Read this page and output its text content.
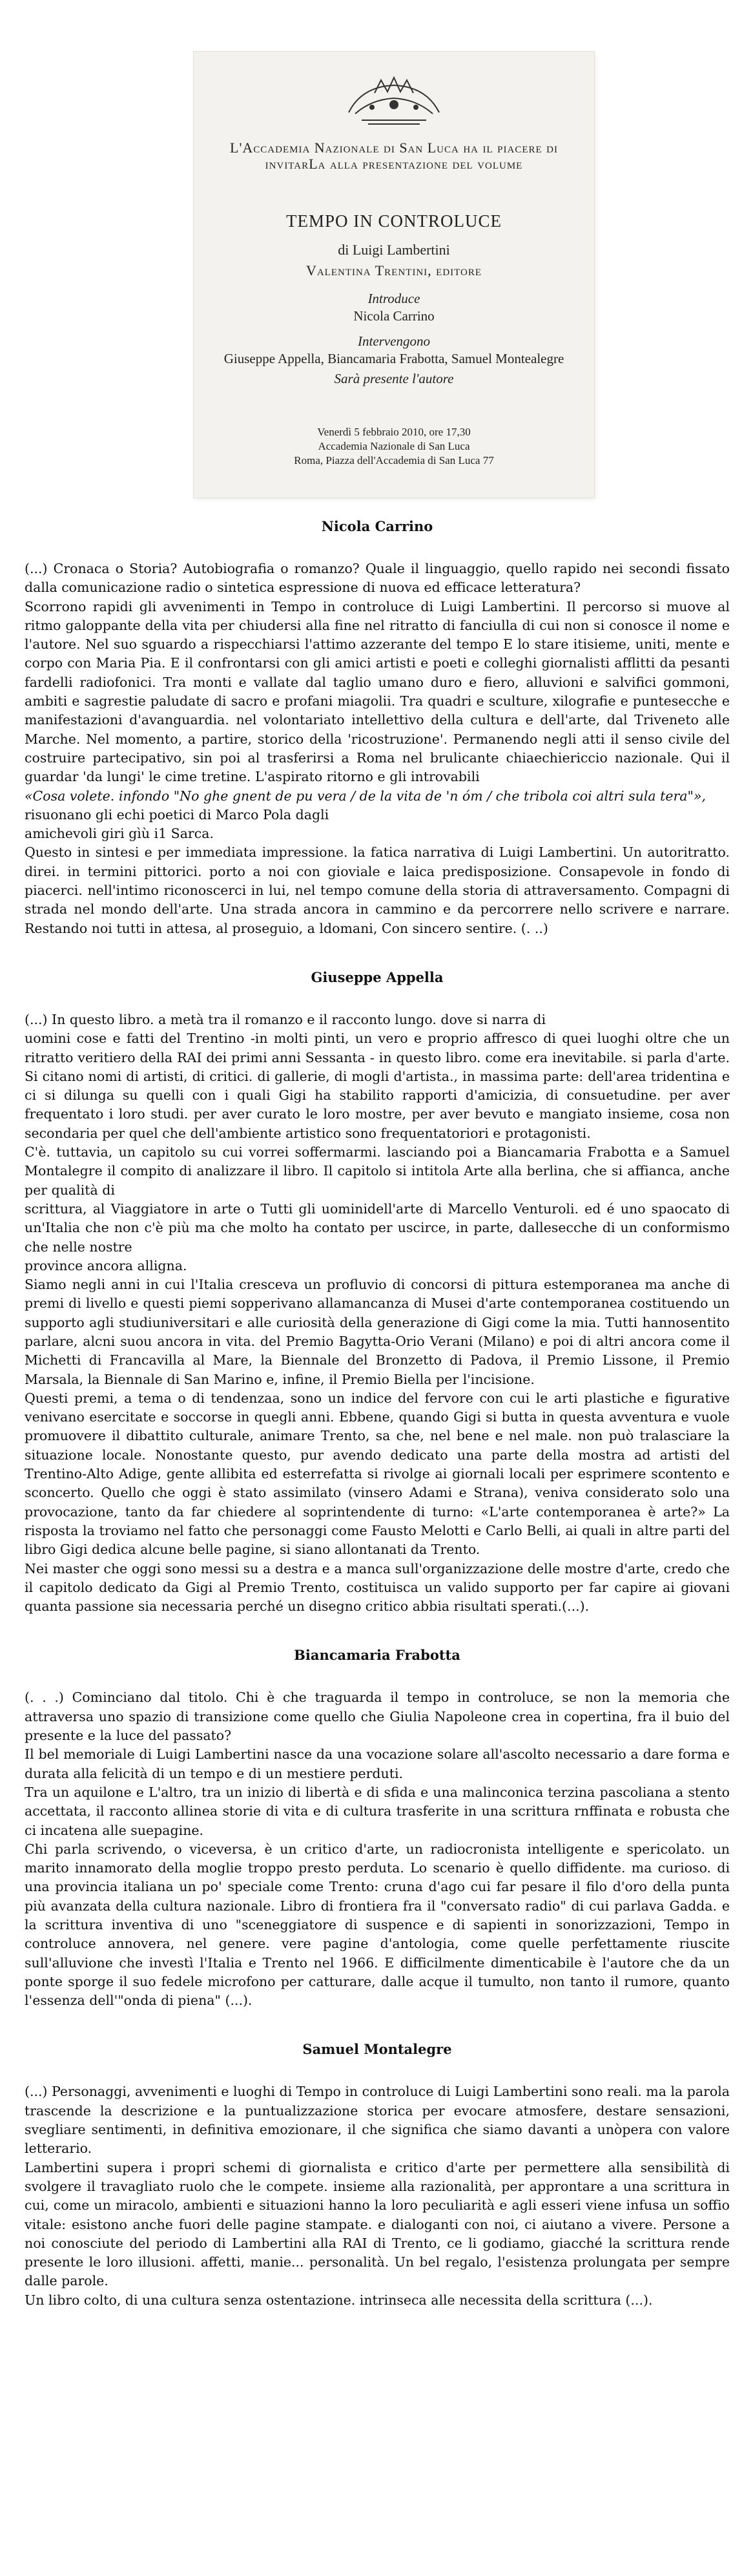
L'Accademia Nazionale di San Luca ha il piacere di invitarLa alla presentazione del volume
TEMPO IN CONTROLUCE
di Luigi Lambertini
Valentina Trentini, editore
Introduce
Nicola Carrino
Intervengono
Giuseppe Appella, Biancamaria Frabotta, Samuel Montealegre
Sarà presente l'autore
Venerdì 5 febbraio 2010, ore 17,30
Accademia Nazionale di San Luca
Roma, Piazza dell'Accademia di San Luca 77
Nicola Carrino

(...) Cronaca o Storia? Autobiografia o romanzo? Quale il linguaggio, quello rapido nei secondi fissato dalla comunicazione radio o sintetica espressione di nuova ed efficace letteratura?

Scorrono rapidi gli avvenimenti in Tempo in controluce di Luigi Lambertini. Il percorso si muove al ritmo galoppante della vita per chiudersi alla fine nel ritratto di fanciulla di cui non si conosce il nome e l'autore. Nel suo sguardo a rispecchiarsi l'attimo azzerante del tempo E lo stare itisieme, uniti, mente e corpo con Maria Pia. E il confrontarsi con gli amici artisti e poeti e colleghi giornalisti afflitti da pesanti fardelli radiofonici. Tra monti e vallate dal taglio umano duro e fiero, alluvioni e salvifici gommoni, ambiti e sagrestie paludate di sacro e profani miagolii. Tra quadri e sculture, xilografie e puntesecche e manifestazioni d'avanguardia. nel volontariato intellettivo della cultura e dell'arte, dal Triveneto alle Marche. Nel momento, a partire, storico della 'ricostruzione'. Permanendo negli atti il senso civile del costruire partecipativo, sin poi al trasferirsi a Roma nel brulicante chiaechiericcio nazionale. Qui il guardar 'da lungi' le cime tretine. L'aspirato ritorno e gli introvabili

«Cosa volete. infondo "No ghe gnent de pu vera / de la vita de 'n óm / che tribola coi altri sula tera"»,

risuonano gli echi poetici di Marco Pola dagli

amichevoli giri gìù i1 Sarca.

Questo in sintesi e per immediata impressione. la fatica narrativa di Luigi Lambertini. Un autoritratto. direi. in termini pittorici. porto a noi con gioviale e laica predisposizione. Consapevole in fondo di piacerci. nell'intimo riconoscerci in lui, nel tempo comune della storia di attraversamento. Compagni di strada nel mondo dell'arte. Una strada ancora in cammino e da percorrere nello scrivere e narrare. Restando noi tutti in attesa, al proseguio, a ldomani, Con sincero sentire. (. ..)

Giuseppe Appella

(...) In questo libro. a metà tra il romanzo e il racconto lungo. dove si narra di

uomini cose e fatti del Trentino -in molti pinti, un vero e proprio affresco di quei luoghi oltre che un ritratto veritiero della RAI dei primi anni Sessanta - in questo libro. come era inevitabile. si parla d'arte. Si citano nomi di artisti, di critici. di gallerie, di mogli d'artista., in massima parte: dell'area tridentina e ci si dilunga su quelli con i quali Gigi ha stabilito rapporti d'amicizia, di consuetudine. per aver frequentato i loro studi. per aver curato le loro mostre, per aver bevuto e mangiato insieme, cosa non secondaria per quel che dell'ambiente artistico sono frequentatoriori e protagonisti.

C'è. tuttavia, un capitolo su cui vorrei soffermarmi. lasciando poi a Biancamaria Frabotta e a Samuel Montalegre il compito di analizzare il libro. Il capitolo si intitola Arte alla berlina, che si affianca, anche per qualità di

scrittura, al Viaggiatore in arte o Tutti gli uominidell'arte di Marcello Venturoli. ed é uno spaocato di un'Italia che non c'è più ma che molto ha contato per uscirce, in parte, dallesecche di un conformismo che nelle nostre

province ancora alligna.

Siamo negli anni in cui l'Italia cresceva un profluvio di concorsi di pittura estemporanea ma anche di premi di livello e questi piemi sopperivano allamancanza di Musei d'arte contemporanea costituendo un supporto agli studiuniversitari e alle curiosità della generazione di Gigi come la mia. Tutti hannosentito parlare, alcni suou ancora in vita. del Premio Bagytta-Orio Verani (Milano) e poi di altri ancora come il Michetti di Francavilla al Mare, la Biennale del Bronzetto di Padova, il Premio Lissone, il Premio Marsala, la Biennale di San Marino e, infine, il Premio Biella per l'incisione.

Questi premi, a tema o di tendenzaa, sono un indice del fervore con cui le arti plastiche e figurative venivano esercitate e soccorse in quegli anni. Ebbene, quando Gigi si butta in questa avventura e vuole promuovere il dibattito culturale, animare Trento, sa che, nel bene e nel male. non può tralasciare la situazione locale. Nonostante questo, pur avendo dedicato una parte della mostra ad artisti del Trentino-Alto Adige, gente allibita ed esterrefatta si rivolge ai giornali locali per esprimere scontento e sconcerto. Quello che oggi è stato assimilato (vinsero Adami e Strana), veniva considerato solo una provocazione, tanto da far chiedere al soprintendente di turno: «L'arte contemporanea è arte?» La risposta la troviamo nel fatto che personaggi come Fausto Melotti e Carlo Belli, ai quali in altre parti del libro Gigi dedica alcune belle pagine, si siano allontanati da Trento.

Nei master che oggi sono messi su a destra e a manca sull'organizzazione delle mostre d'arte, credo che il capitolo dedicato da Gigi al Premio Trento, costituisca un valido supporto per far capire ai giovani quanta passione sia necessaria perché un disegno critico abbia risultati sperati.(...).

Biancamaria Frabotta

(. . .) Cominciano dal titolo. Chi è che traguarda il tempo in controluce, se non la memoria che attraversa uno spazio di transizione come quello che Giulia Napoleone crea in copertina, fra il buio del presente e la luce del passato?

Il bel memoriale di Luigi Lambertini nasce da una vocazione solare all'ascolto necessario a dare forma e durata alla felicità di un tempo e di un mestiere perduti.

Tra un aquilone e L'altro, tra un inizio di libertà e di sfida e una malinconica terzina pascoliana a stento accettata, il racconto allinea storie di vita e di cultura trasferite in una scrittura rnffinata e robusta che ci incatena alle suepagine.

Chi parla scrivendo, o viceversa, è un critico d'arte, un radiocronista intelligente e spericolato. un marito innamorato della moglie troppo presto perduta. Lo scenario è quello diffidente. ma curioso. di una provincia italiana un po' speciale come Trento: cruna d'ago cui far pesare il filo d'oro della punta più avanzata della cultura nazionale. Libro di frontiera fra il "conversato radio" di cui parlava Gadda. e la scrittura inventiva di uno "sceneggiatore di suspence e di sapienti in sonorizzazioni, Tempo in controluce annovera, nel genere. vere pagine d'antologia, come quelle perfettamente riuscite sull'alluvione che investì l'Italia e Trento nel 1966. E difficilmente dimenticabile è l'autore che da un ponte sporge il suo fedele microfono per catturare, dalle acque il tumulto, non tanto il rumore, quanto l'essenza dell'"onda di piena" (...).

Samuel Montalegre

(...) Personaggi, avvenimenti e luoghi di Tempo in controluce di Luigi Lambertini sono reali. ma la parola trascende la descrizione e la puntualizzazione storica per evocare atmosfere, destare sensazioni, svegliare sentimenti, in definitiva emozionare, il che significa che siamo davanti a unòpera con valore letterario.

Lambertini supera i propri schemi di giornalista e critico d'arte per permettere alla sensibilità di svolgere il travagliato ruolo che le compete. insieme alla razionalità, per approntare a una scrittura in cui, come un miracolo, ambienti e situazioni hanno la loro peculiarità e agli esseri viene infusa un soffio vitale: esistono anche fuori delle pagine stampate. e dialoganti con noi, ci aiutano a vivere. Persone a noi conosciute del periodo di Lambertini alla RAI di Trento, ce li godiamo, giacché la scrittura rende presente le loro illusioni. affetti, manie... personalità. Un bel regalo, l'esistenza prolungata per sempre dalle parole.

Un libro colto, di una cultura senza ostentazione. intrinseca alle necessita della scrittura (...).
